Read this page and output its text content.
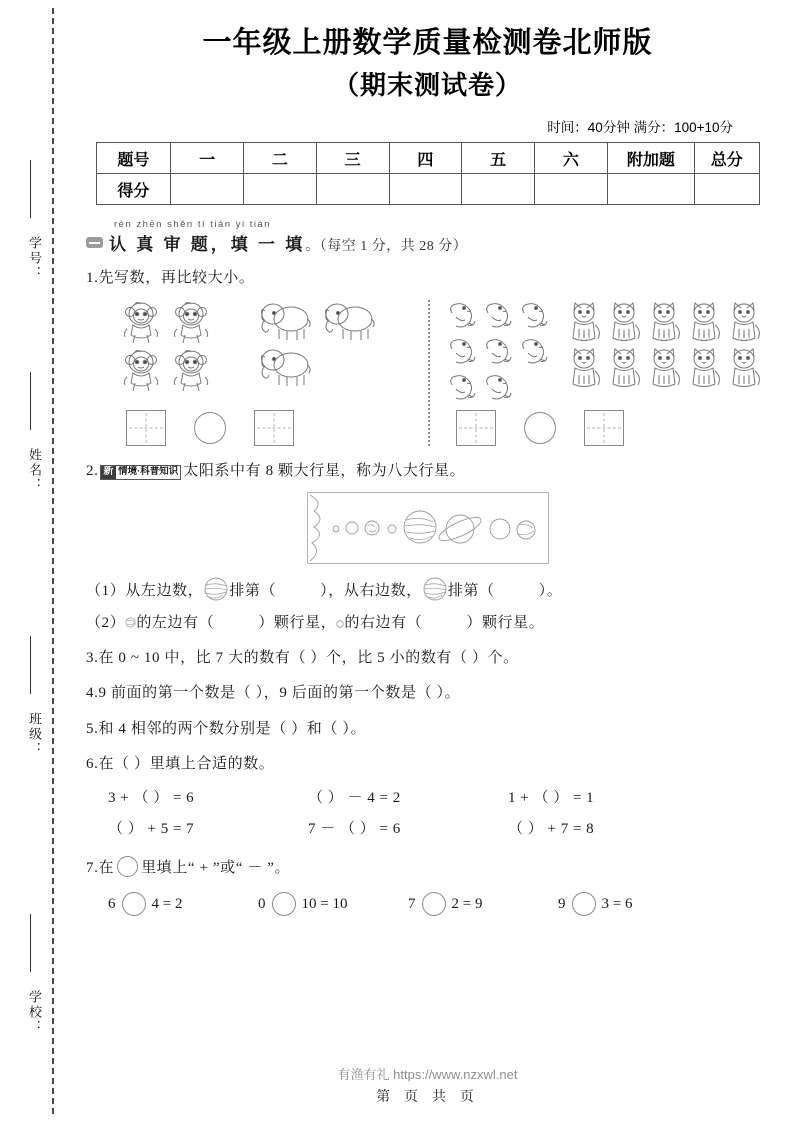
学号：
姓名：
班级：
学校：
一年级上册数学质量检测卷北师版
（期末测试卷）
时间：40分钟 满分：100+10分
题号	一	二	三	四	五	六	附加题	总分
得分								
rèn zhēn shěn tí tián yi tián
认 真 审 题，填 一 填 。（每空 1 分，共 28 分）
1.先写数，再比较大小。
2. 新 情境·科普知识 太阳系中有 8 颗大行星，称为八大行星。
（1）从左边数， 排第（	），从右边数， 排第（	）。
（2） 的左边有（	）颗行星， 的右边有（	）颗行星。
3.在 0 ~ 10 中，比 7 大的数有（ ）个，比 5 小的数有（ ）个。
4.9 前面的第一个数是（ ），9 后面的第一个数是（ ）。
5.和 4 相邻的两个数分别是（ ）和（ ）。
6.在（ ）里填上合适的数。
3 + （ ） = 6	（ ） － 4 = 2	1 + （ ） = 1
（ ） + 5 = 7	7 － （ ） = 6	（ ） + 7 = 8
7.在 里填上“ + ”或“ － ”。
6 4 = 2	0 10 = 10	7 2 = 9	9 3 = 6
有渔有礼 https://www.nzxwl.net
第 页 共 页
